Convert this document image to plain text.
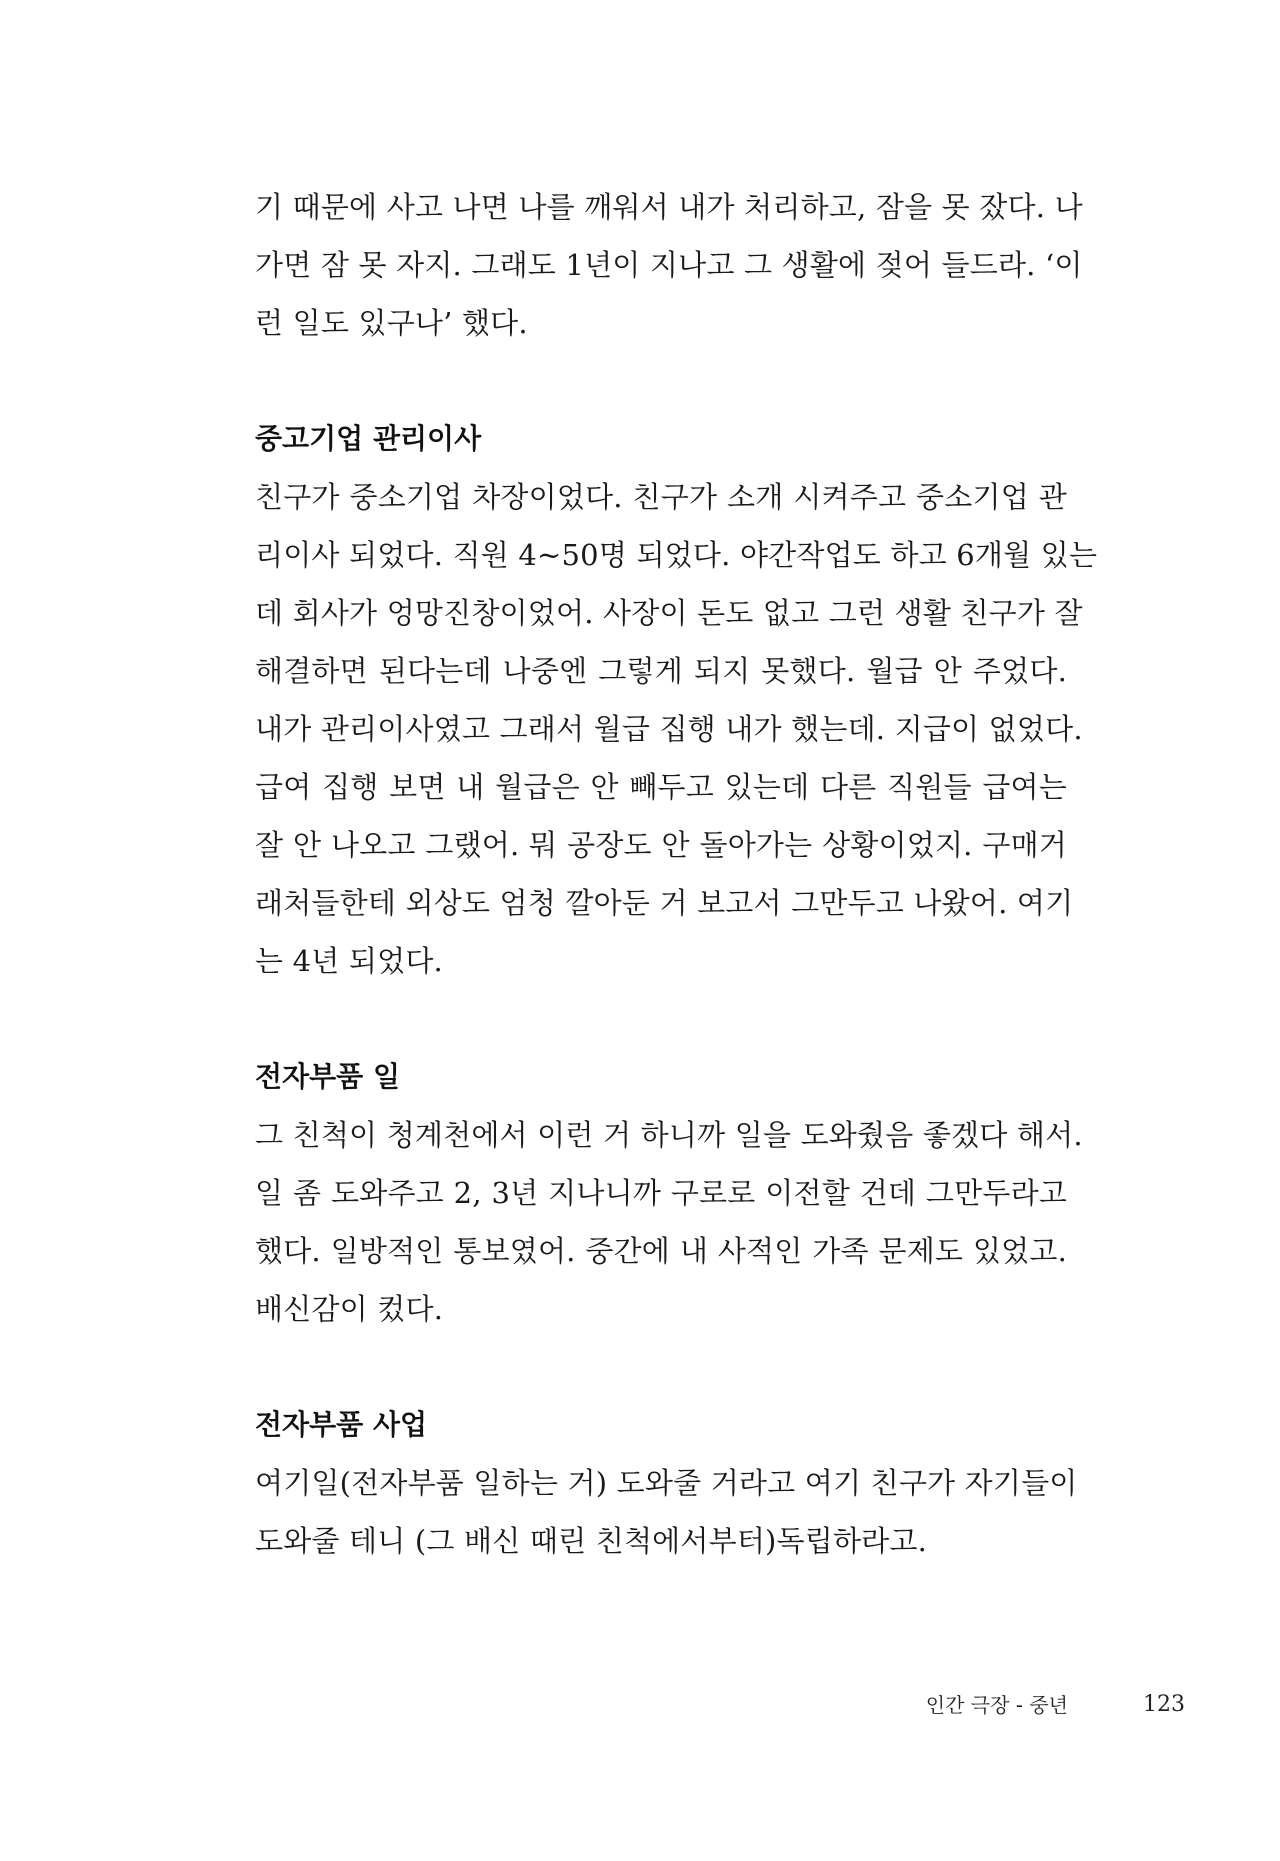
기 때문에 사고 나면 나를 깨워서 내가 처리하고, 잠을 못 잤다. 나
가면 잠 못 자지. 그래도 1년이 지나고 그 생활에 젖어 들드라. ‘이
런 일도 있구나’ 했다.

중고기업 관리이사

친구가 중소기업 차장이었다. 친구가 소개 시켜주고 중소기업 관
리이사 되었다. 직원 4~50명 되었다. 야간작업도 하고 6개월 있는
데 회사가 엉망진창이었어. 사장이 돈도 없고 그런 생활 친구가 잘
해결하면 된다는데 나중엔 그렇게 되지 못했다. 월급 안 주었다.
내가 관리이사였고 그래서 월급 집행 내가 했는데. 지급이 없었다.
급여 집행 보면 내 월급은 안 빼두고 있는데 다른 직원들 급여는
잘 안 나오고 그랬어. 뭐 공장도 안 돌아가는 상황이었지. 구매거
래처들한테 외상도 엄청 깔아둔 거 보고서 그만두고 나왔어. 여기
는 4년 되었다.

전자부품 일

그 친척이 청계천에서 이런 거 하니까 일을 도와줬음 좋겠다 해서.
일 좀 도와주고 2, 3년 지나니까 구로로 이전할 건데 그만두라고
했다. 일방적인 통보였어. 중간에 내 사적인 가족 문제도 있었고.
배신감이 컸다.

전자부품 사업

여기일(전자부품 일하는 거) 도와줄 거라고 여기 친구가 자기들이
도와줄 테니 (그 배신 때린 친척에서부터)독립하라고.

인간 극장 - 중년	123
